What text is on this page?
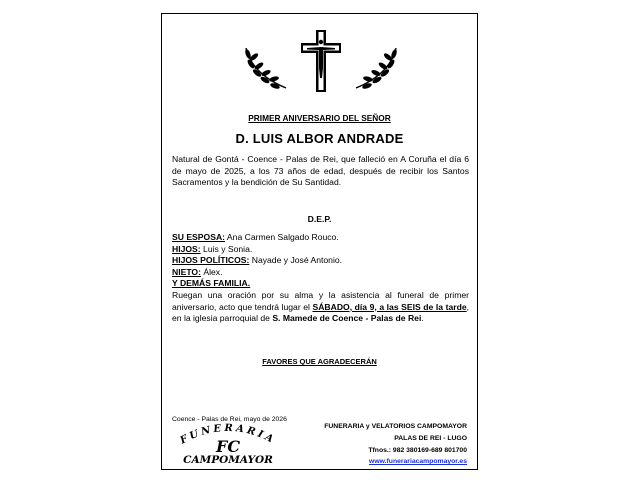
PRIMER ANIVERSARIO DEL SEÑOR
D. LUIS ALBOR ANDRADE
Natural de Gontá - Coence - Palas de Rei, que falleció en A Coruña el día 6 de mayo de 2025, a los 73 años de edad, después de recibir los Santos Sacramentos y la bendición de Su Santidad.
D.E.P.
SU ESPOSA: Ana Carmen Salgado Rouco.
HIJOS: Luis y Sonia.
HIJOS POLÍTICOS: Nayade y José Antonio.
NIETO: Álex.
Y DEMÁS FAMILIA.
Ruegan una oración por su alma y la asistencia al funeral de primer aniversario, acto que tendrá lugar el SÁBADO, día 9, a las SEIS de la tarde, en la iglesia parroquial de S. Mamede de Coence - Palas de Rei.
FAVORES QUE AGRADECERÁN
Coence - Palas de Rei, mayo de 2026
FUNERARIA
FC
CAMPOMAYOR
FUNERARIA y VELATORIOS CAMPOMAYOR
PALAS DE REI - LUGO
Tfnos.: 982 380169-689 801700
www.funerariacampomayor.es
